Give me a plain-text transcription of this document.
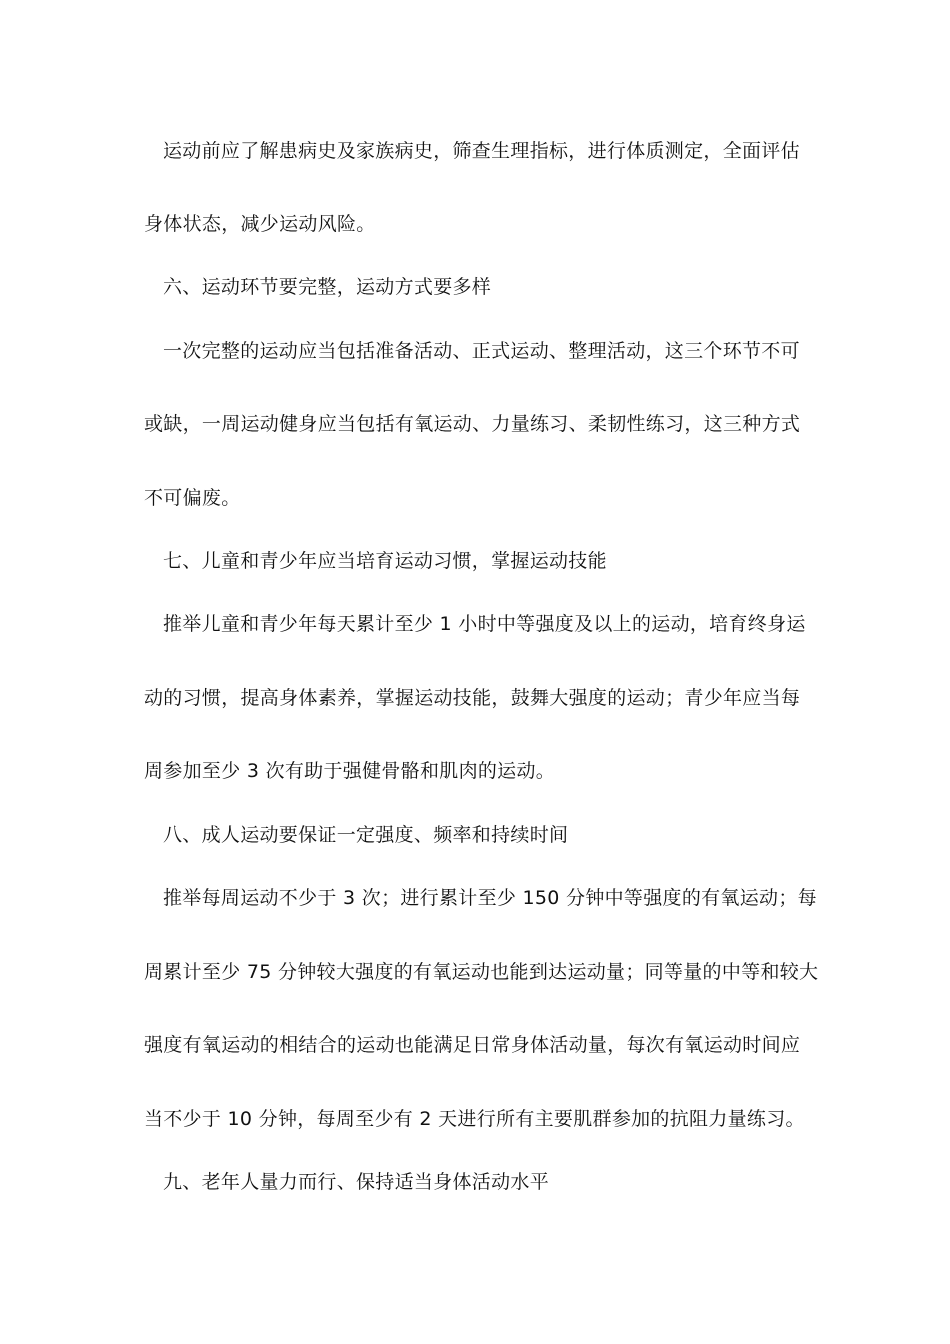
运动前应了解患病史及家族病史，筛查生理指标，进行体质测定，全面评估
身体状态，减少运动风险。
六、运动环节要完整，运动方式要多样
一次完整的运动应当包括准备活动、正式运动、整理活动，这三个环节不可
或缺，一周运动健身应当包括有氧运动、力量练习、柔韧性练习，这三种方式
不可偏废。
七、儿童和青少年应当培育运动习惯，掌握运动技能
推举儿童和青少年每天累计至少 1 小时中等强度及以上的运动，培育终身运
动的习惯，提高身体素养，掌握运动技能，鼓舞大强度的运动；青少年应当每
周参加至少 3 次有助于强健骨骼和肌肉的运动。
八、成人运动要保证一定强度、频率和持续时间
推举每周运动不少于 3 次；进行累计至少 150 分钟中等强度的有氧运动；每
周累计至少 75 分钟较大强度的有氧运动也能到达运动量；同等量的中等和较大
强度有氧运动的相结合的运动也能满足日常身体活动量，每次有氧运动时间应
当不少于 10 分钟，每周至少有 2 天进行所有主要肌群参加的抗阻力量练习。
九、老年人量力而行、保持适当身体活动水平
